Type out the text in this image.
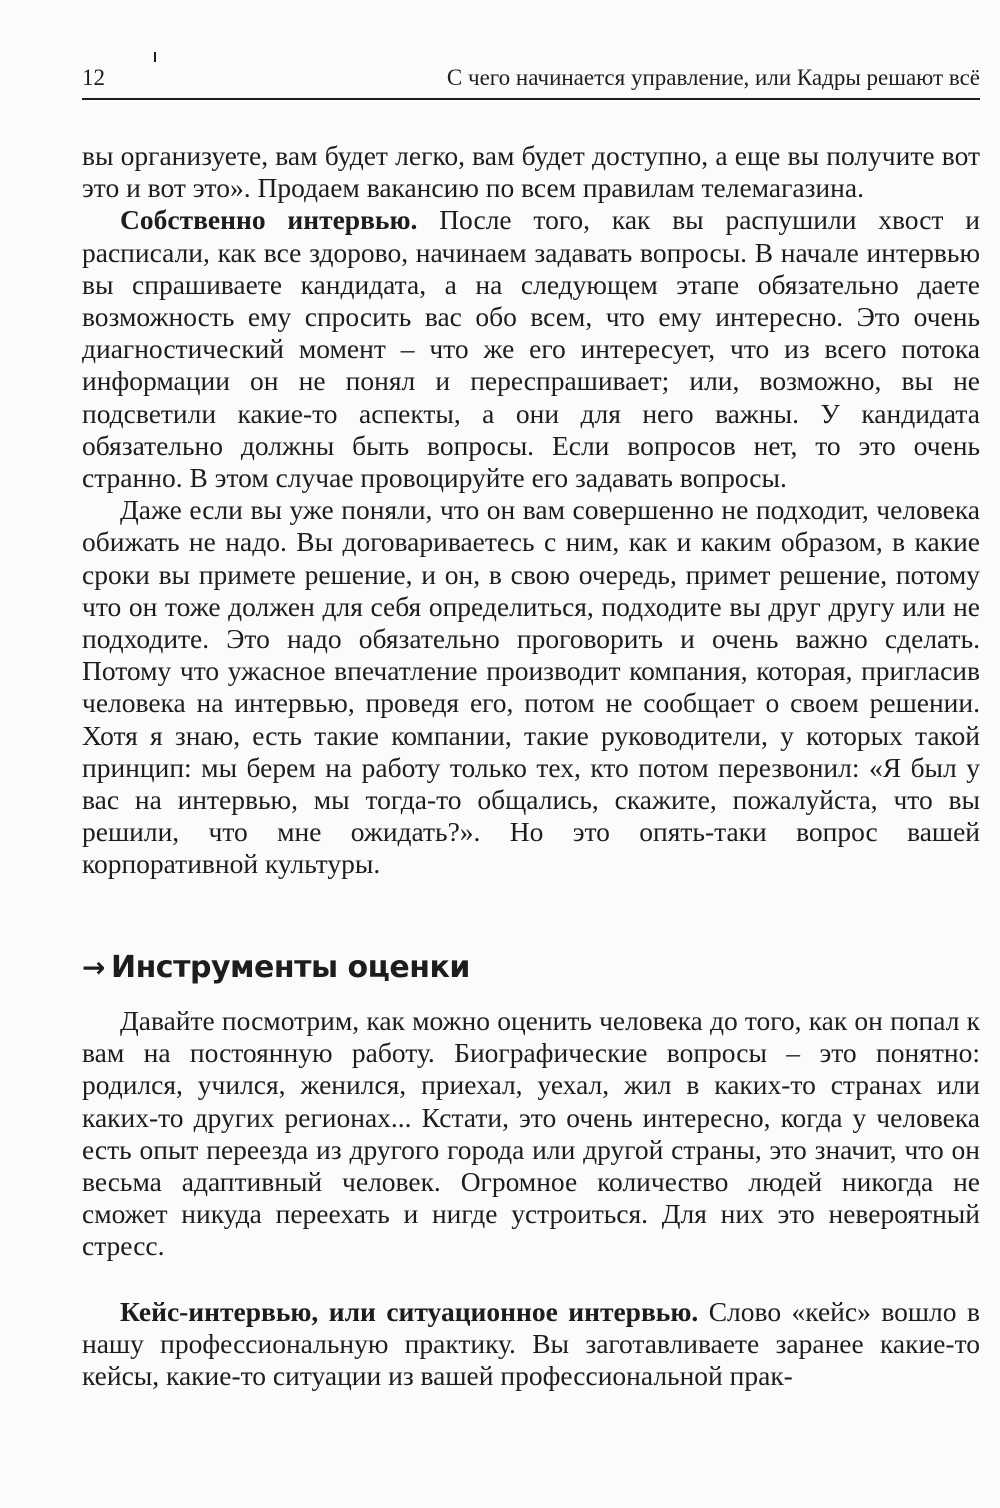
12	С чего начинается управление, или Кадры решают всё

вы организуете, вам будет легко, вам будет доступно, а еще вы получите вот это и вот это». Продаем вакансию по всем правилам телемагазина.

Собственно интервью. После того, как вы распушили хвост и расписали, как все здорово, начинаем задавать вопросы. В начале интервью вы спрашиваете кандидата, а на следующем этапе обязательно даете возможность ему спросить вас обо всем, что ему интересно. Это очень диагностический момент – что же его интересует, что из всего потока информации он не понял и переспрашивает; или, возможно, вы не подсветили какие-то аспекты, а они для него важны. У кандидата обязательно должны быть вопросы. Если вопросов нет, то это очень странно. В этом случае провоцируйте его задавать вопросы.

Даже если вы уже поняли, что он вам совершенно не подходит, человека обижать не надо. Вы договариваетесь с ним, как и каким образом, в какие сроки вы примете решение, и он, в свою очередь, примет решение, потому что он тоже должен для себя определиться, подходите вы друг другу или не подходите. Это надо обязательно проговорить и очень важно сделать. Потому что ужасное впечатление производит компания, которая, пригласив человека на интервью, проведя его, потом не сообщает о своем решении. Хотя я знаю, есть такие компании, такие руководители, у которых такой принцип: мы берем на работу только тех, кто потом перезвонил: «Я был у вас на интервью, мы тогда-то общались, скажите, пожалуйста, что вы решили, что мне ожидать?». Но это опять-таки вопрос вашей корпоративной культуры.

→ Инструменты оценки

Давайте посмотрим, как можно оценить человека до того, как он попал к вам на постоянную работу. Биографические вопросы – это понятно: родился, учился, женился, приехал, уехал, жил в каких-то странах или каких-то других регионах... Кстати, это очень интересно, когда у человека есть опыт переезда из другого города или другой страны, это значит, что он весьма адаптивный человек. Огромное количество людей никогда не сможет никуда переехать и нигде устроиться. Для них это невероятный стресс.

Кейс-интервью, или ситуационное интервью. Слово «кейс» вошло в нашу профессиональную практику. Вы заготавливаете заранее какие-то кейсы, какие-то ситуации из вашей профессиональной прак-
